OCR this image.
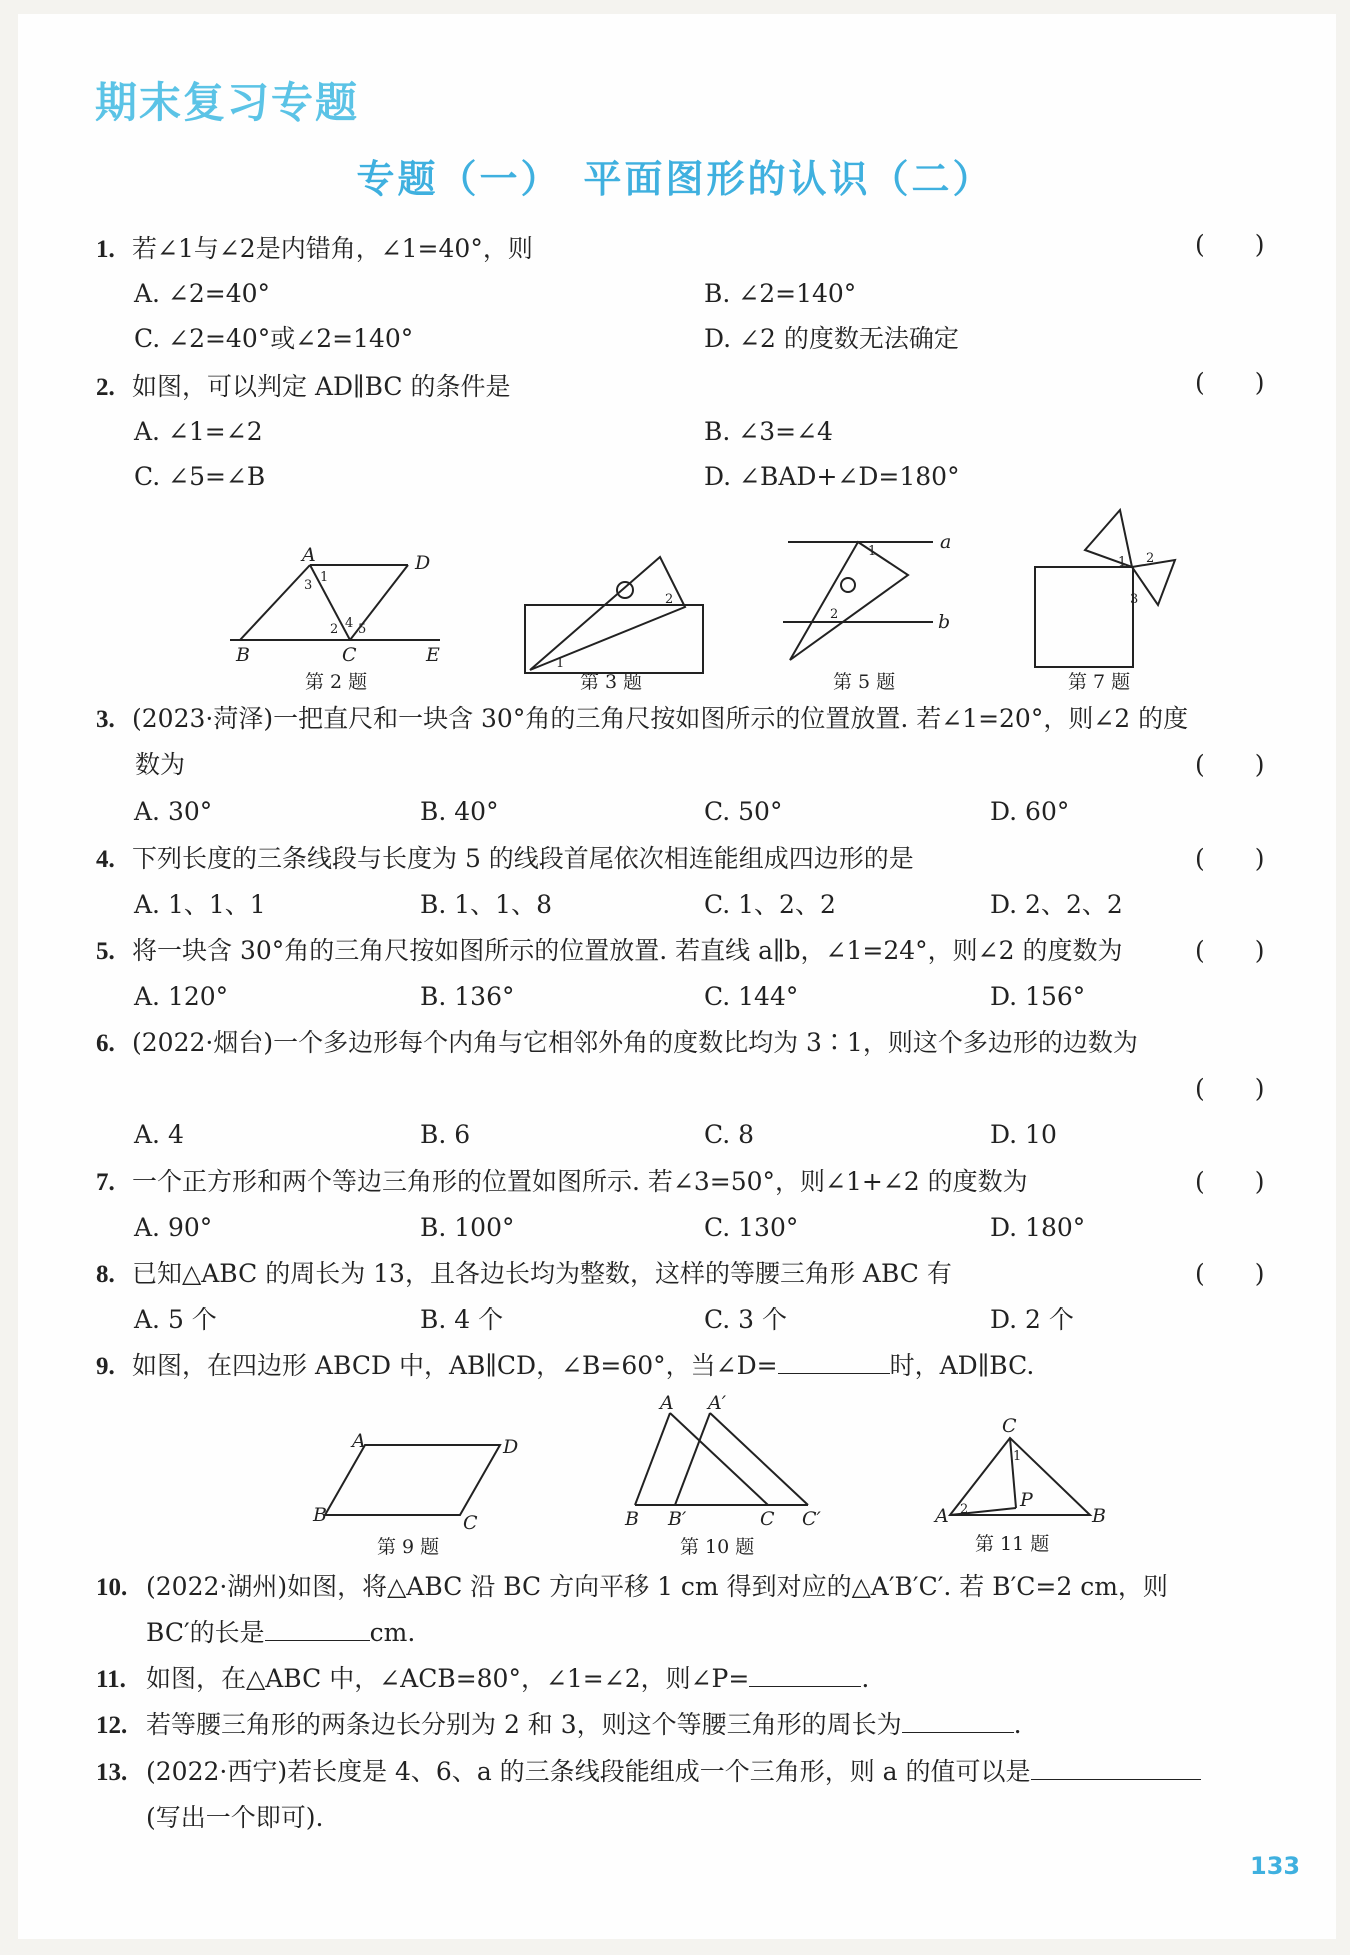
期末复习专题
专题（一）　平面图形的认识（二）
1. 若∠1与∠2是内错角，∠1=40°，则	(　　)
A. ∠2=40°	B. ∠2=140°
C. ∠2=40°或∠2=140°	D. ∠2 的度数无法确定
2. 如图，可以判定 AD∥BC 的条件是	(　　)
A. ∠1=∠2	B. ∠3=∠4
C. ∠5=∠B	D. ∠BAD+∠D=180°
A	D
B	C	E
1
3
2 4 5
第 2 题
1
2
第 3 题
a
b
1
2
第 5 题
1 2
3
第 7 题
3. (2023·菏泽)一把直尺和一块含 30°角的三角尺按如图所示的位置放置. 若∠1=20°，则∠2 的度
数为	(　　)
A. 30°	B. 40°	C. 50°	D. 60°
4. 下列长度的三条线段与长度为 5 的线段首尾依次相连能组成四边形的是	(　　)
A. 1、1、1	B. 1、1、8	C. 1、2、2	D. 2、2、2
5. 将一块含 30°角的三角尺按如图所示的位置放置. 若直线 a∥b，∠1=24°，则∠2 的度数为	(　　)
A. 120°	B. 136°	C. 144°	D. 156°
6. (2022·烟台)一个多边形每个内角与它相邻外角的度数比均为 3∶1，则这个多边形的边数为
(　　)
A. 4	B. 6	C. 8	D. 10
7. 一个正方形和两个等边三角形的位置如图所示. 若∠3=50°，则∠1+∠2 的度数为	(　　)
A. 90°	B. 100°	C. 130°	D. 180°
8. 已知△ABC 的周长为 13，且各边长均为整数，这样的等腰三角形 ABC 有	(　　)
A. 5 个	B. 4 个	C. 3 个	D. 2 个
9. 如图，在四边形 ABCD 中，AB∥CD，∠B=60°，当∠D=	时，AD∥BC.
A	D
B	C
第 9 题
A A′
B B′	C C′
第 10 题
C
A	B
P
1
2
第 11 题
10. (2022·湖州)如图，将△ABC 沿 BC 方向平移 1 cm 得到对应的△A′B′C′. 若 B′C=2 cm，则
BC′的长是	cm.
11. 如图，在△ABC 中，∠ACB=80°，∠1=∠2，则∠P=	.
12. 若等腰三角形的两条边长分别为 2 和 3，则这个等腰三角形的周长为	.
13. (2022·西宁)若长度是 4、6、a 的三条线段能组成一个三角形，则 a 的值可以是
(写出一个即可).
133
